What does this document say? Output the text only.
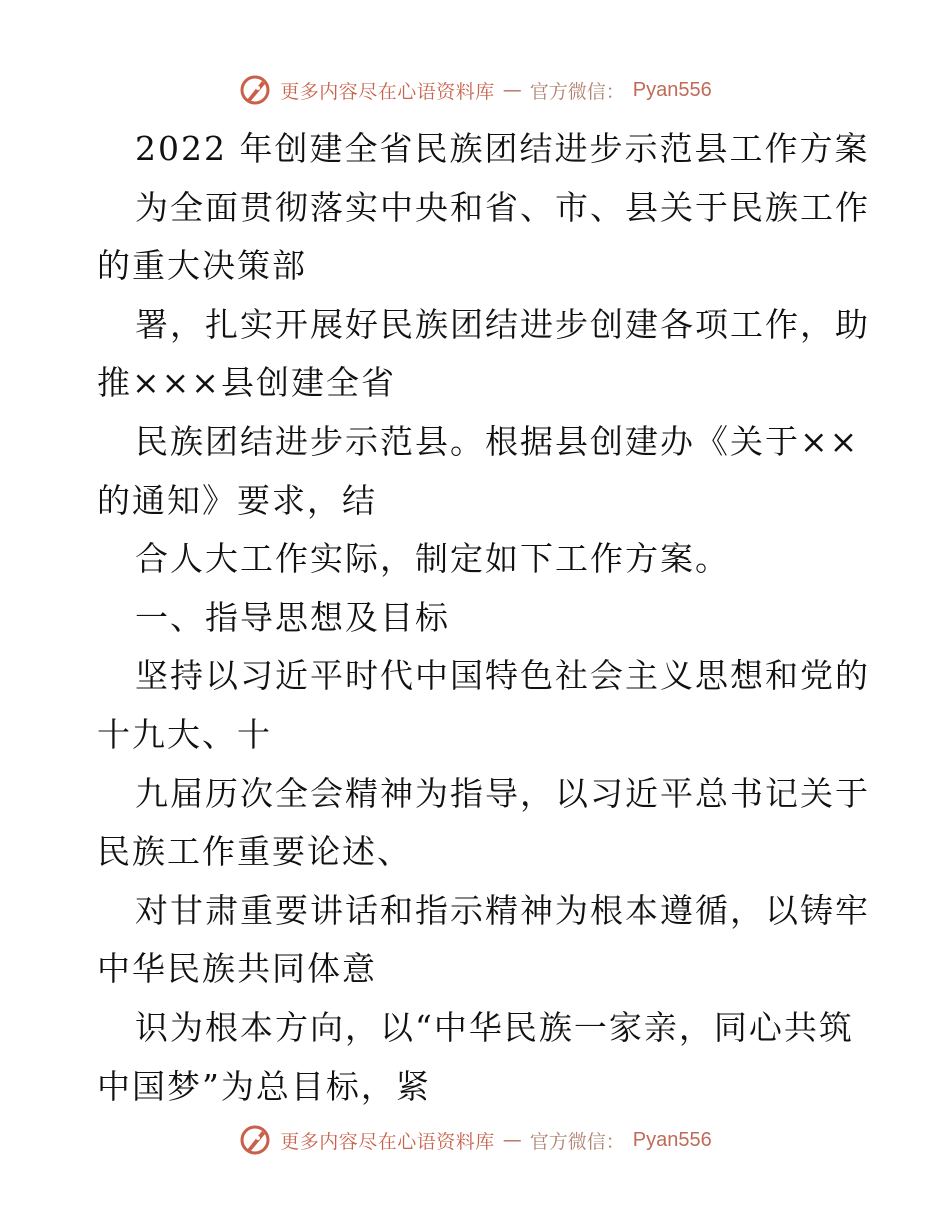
更多内容尽在心语资料库 — 官方微信： Pyan556
2022 年创建全省民族团结进步示范县工作方案
为全面贯彻落实中央和省、市、县关于民族工作
的重大决策部
署，扎实开展好民族团结进步创建各项工作，助
推×××县创建全省
民族团结进步示范县。根据县创建办《关于××
的通知》要求，结
合人大工作实际，制定如下工作方案。
一、指导思想及目标
坚持以习近平时代中国特色社会主义思想和党的
十九大、十
九届历次全会精神为指导，以习近平总书记关于
民族工作重要论述、
对甘肃重要讲话和指示精神为根本遵循，以铸牢
中华民族共同体意
识为根本方向，以“中华民族一家亲，同心共筑
中国梦”为总目标，紧
更多内容尽在心语资料库 — 官方微信： Pyan556
